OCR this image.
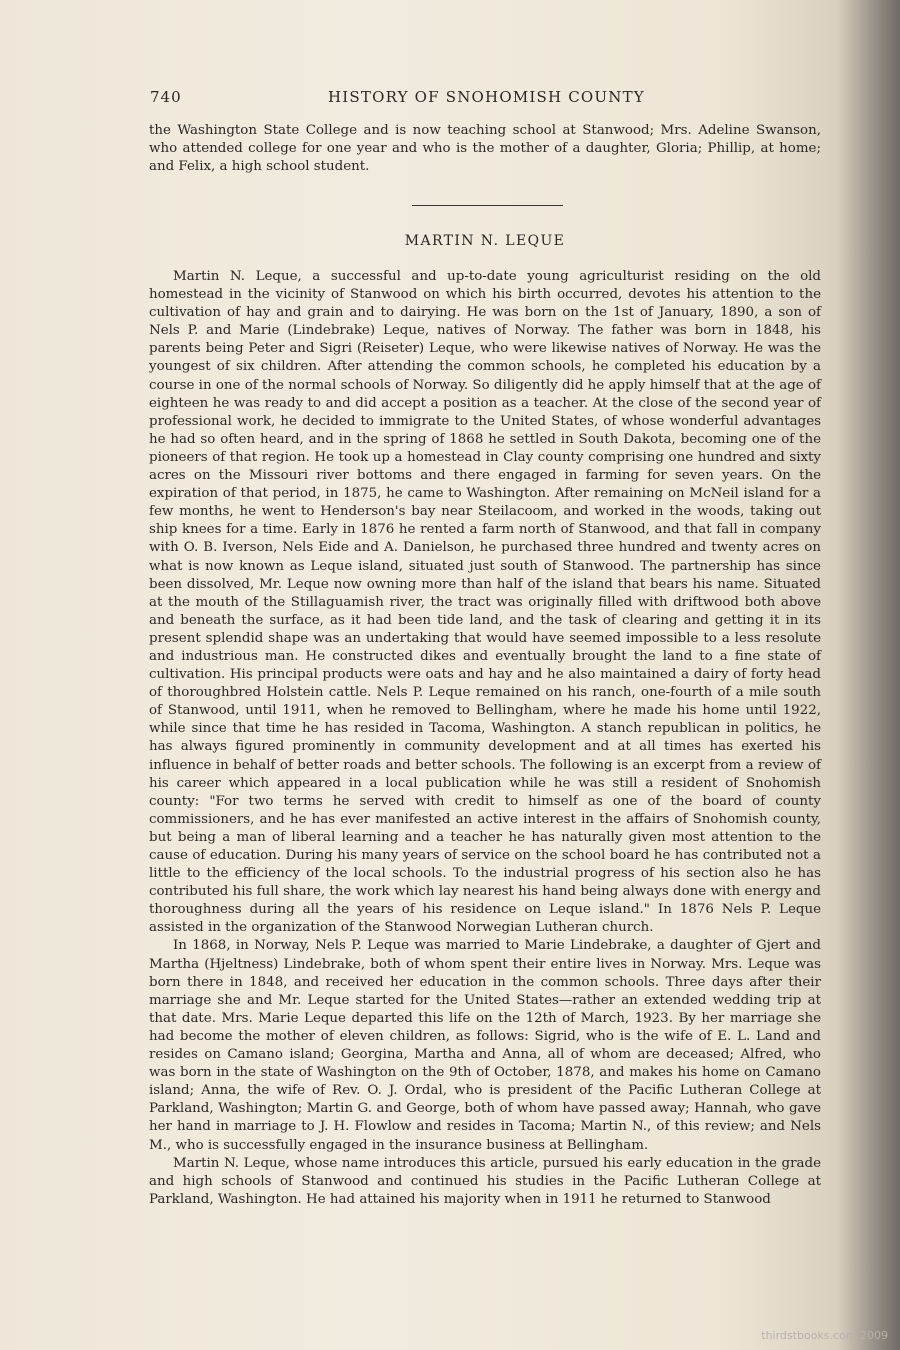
740	HISTORY OF SNOHOMISH COUNTY

the Washington State College and is now teaching school at Stanwood; Mrs. Adeline Swanson, who attended college for one year and who is the mother of a daughter, Gloria; Phillip, at home; and Felix, a high school student.

MARTIN N. LEQUE

Martin N. Leque, a successful and up-to-date young agriculturist residing on the old homestead in the vicinity of Stanwood on which his birth occurred, devotes his attention to the cultivation of hay and grain and to dairying. He was born on the 1st of January, 1890, a son of Nels P. and Marie (Lindebrake) Leque, natives of Norway. The father was born in 1848, his parents being Peter and Sigri (Reiseter) Leque, who were likewise natives of Norway. He was the youngest of six children. After attending the common schools, he completed his education by a course in one of the normal schools of Norway. So diligently did he apply himself that at the age of eighteen he was ready to and did accept a position as a teacher. At the close of the second year of professional work, he decided to immigrate to the United States, of whose wonderful advantages he had so often heard, and in the spring of 1868 he settled in South Dakota, becoming one of the pioneers of that region. He took up a homestead in Clay county comprising one hundred and sixty acres on the Missouri river bottoms and there engaged in farming for seven years. On the expiration of that period, in 1875, he came to Washington. After remaining on McNeil island for a few months, he went to Henderson's bay near Steilacoom, and worked in the woods, taking out ship knees for a time. Early in 1876 he rented a farm north of Stanwood, and that fall in company with O. B. Iverson, Nels Eide and A. Danielson, he purchased three hundred and twenty acres on what is now known as Leque island, situated just south of Stanwood. The partnership has since been dissolved, Mr. Leque now owning more than half of the island that bears his name. Situated at the mouth of the Stillaguamish river, the tract was originally filled with driftwood both above and beneath the surface, as it had been tide land, and the task of clearing and getting it in its present splendid shape was an undertaking that would have seemed impossible to a less resolute and industrious man. He constructed dikes and eventually brought the land to a fine state of cultivation. His principal products were oats and hay and he also maintained a dairy of forty head of thoroughbred Holstein cattle. Nels P. Leque remained on his ranch, one-fourth of a mile south of Stanwood, until 1911, when he removed to Bellingham, where he made his home until 1922, while since that time he has resided in Tacoma, Washington. A stanch republican in politics, he has always figured prominently in community development and at all times has exerted his influence in behalf of better roads and better schools. The following is an excerpt from a review of his career which appeared in a local publication while he was still a resident of Snohomish county: "For two terms he served with credit to himself as one of the board of county commissioners, and he has ever manifested an active interest in the affairs of Snohomish county, but being a man of liberal learning and a teacher he has naturally given most attention to the cause of education. During his many years of service on the school board he has contributed not a little to the efficiency of the local schools. To the industrial progress of his section also he has contributed his full share, the work which lay nearest his hand being always done with energy and thoroughness during all the years of his residence on Leque island." In 1876 Nels P. Leque assisted in the organization of the Stanwood Norwegian Lutheran church.

In 1868, in Norway, Nels P. Leque was married to Marie Lindebrake, a daughter of Gjert and Martha (Hjeltness) Lindebrake, both of whom spent their entire lives in Norway. Mrs. Leque was born there in 1848, and received her education in the common schools. Three days after their marriage she and Mr. Leque started for the United States—rather an extended wedding trip at that date. Mrs. Marie Leque departed this life on the 12th of March, 1923. By her marriage she had become the mother of eleven children, as follows: Sigrid, who is the wife of E. L. Land and resides on Camano island; Georgina, Martha and Anna, all of whom are deceased; Alfred, who was born in the state of Washington on the 9th of October, 1878, and makes his home on Camano island; Anna, the wife of Rev. O. J. Ordal, who is president of the Pacific Lutheran College at Parkland, Washington; Martin G. and George, both of whom have passed away; Hannah, who gave her hand in marriage to J. H. Flowlow and resides in Tacoma; Martin N., of this review; and Nels M., who is successfully engaged in the insurance business at Bellingham.

Martin N. Leque, whose name introduces this article, pursued his early education in the grade and high schools of Stanwood and continued his studies in the Pacific Lutheran College at Parkland, Washington. He had attained his majority when in 1911 he returned to Stanwood

thirdstbooks.com 2009
